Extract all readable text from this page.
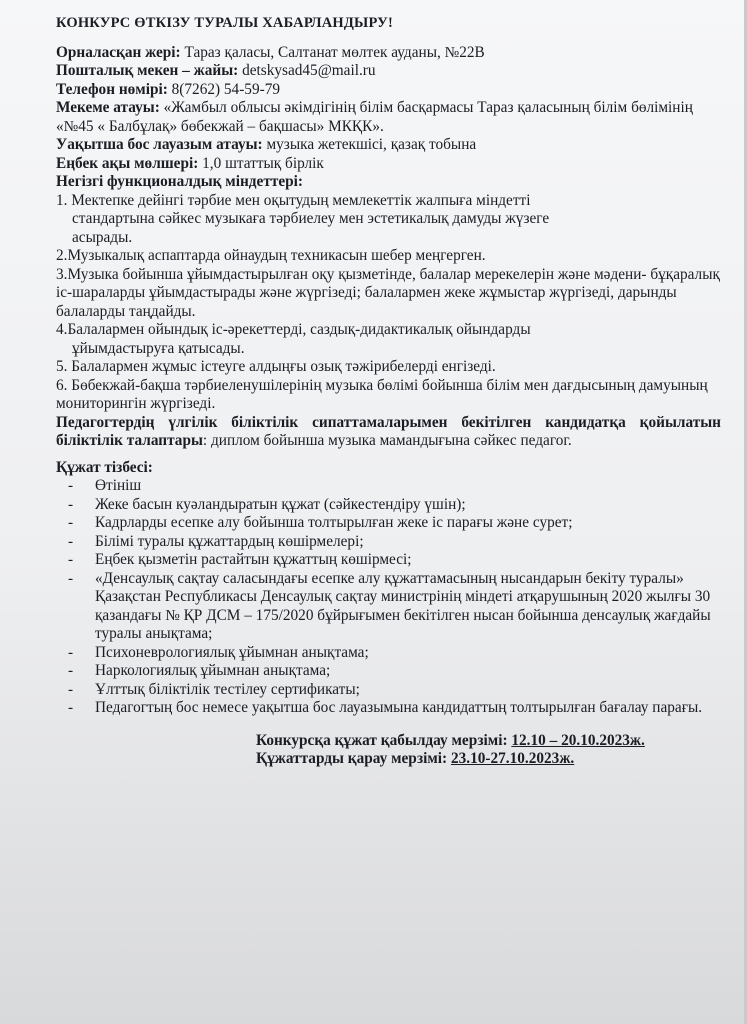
КОНКУРС ӨТКІЗУ ТУРАЛЫ ХАБАРЛАНДЫРУ!

Орналасқан жері: Тараз қаласы, Салтанат мөлтек ауданы, №22В

Пошталық мекен – жайы: detskysad45@mail.ru

Телефон нөмірі: 8(7262) 54-59-79

Мекеме атауы: «Жамбыл облысы әкімдігінің білім басқармасы Тараз қаласының білім бөлімінің «№45 « Балбұлақ» бөбекжай – бақшасы» МКҚК».

Уақытша бос лауазым атауы: музыка жетекшісі, қазақ тобына

Еңбек ақы мөлшері: 1,0 штаттық бірлік

Негізгі функционалдық міндеттері:

1. Мектепке дейінгі тәрбие мен оқытудың мемлекеттік жалпыға міндетті
стандартына сәйкес музыкаға тәрбиелеу мен эстетикалық дамуды жүзеге
асырады.
2.Музыкалық аспаптарда ойнаудың техникасын шебер меңгерген.
3.Музыка бойынша ұйымдастырылған оқу қызметінде, балалар мерекелерін және мәдени- бұқаралық іс-шараларды ұйымдастырады және жүргізеді; балалармен жеке жұмыстар жүргізеді, дарынды балаларды таңдайды.
4.Балалармен ойындық іс-әрекеттерді, саздық-дидактикалық ойындарды
ұйымдастыруға қатысады.
5. Балалармен жұмыс істеуге алдыңғы озық тәжірибелерді енгізеді.
6. Бөбекжай-бақша тәрбиеленушілерінің музыка бөлімі бойынша білім мен дағдысының дамуының мониторингін жүргізеді.

Педагогтердің үлгілік біліктілік сипаттамаларымен бекітілген кандидатқа қойылатын біліктілік талаптары: диплом бойынша музыка мамандығына сәйкес педагог.

Құжат тізбесі:

- Өтініш
- Жеке басын куәландыратын құжат (сәйкестендіру үшін);
- Кадрларды есепке алу бойынша толтырылған жеке іс парағы және сурет;
- Білімі туралы құжаттардың көшірмелері;
- Еңбек қызметін растайтын құжаттың көшірмесі;
- «Денсаулық сақтау саласындағы есепке алу құжаттамасының нысандарын бекіту туралы» Қазақстан Республикасы Денсаулық сақтау министрінің міндеті атқарушының 2020 жылғы 30 қазандағы № ҚР ДСМ – 175/2020 бұйрығымен бекітілген нысан бойынша денсаулық жағдайы туралы анықтама;
- Психоневрологиялық ұйымнан анықтама;
- Наркологиялық ұйымнан анықтама;
- Ұлттық біліктілік тестілеу сертификаты;
- Педагогтың бос немесе уақытша бос лауазымына кандидаттың толтырылған бағалау парағы.
Конкурсқа құжат қабылдау мерзімі: 12.10 – 20.10.2023ж.
Құжаттарды қарау мерзімі: 23.10-27.10.2023ж.
